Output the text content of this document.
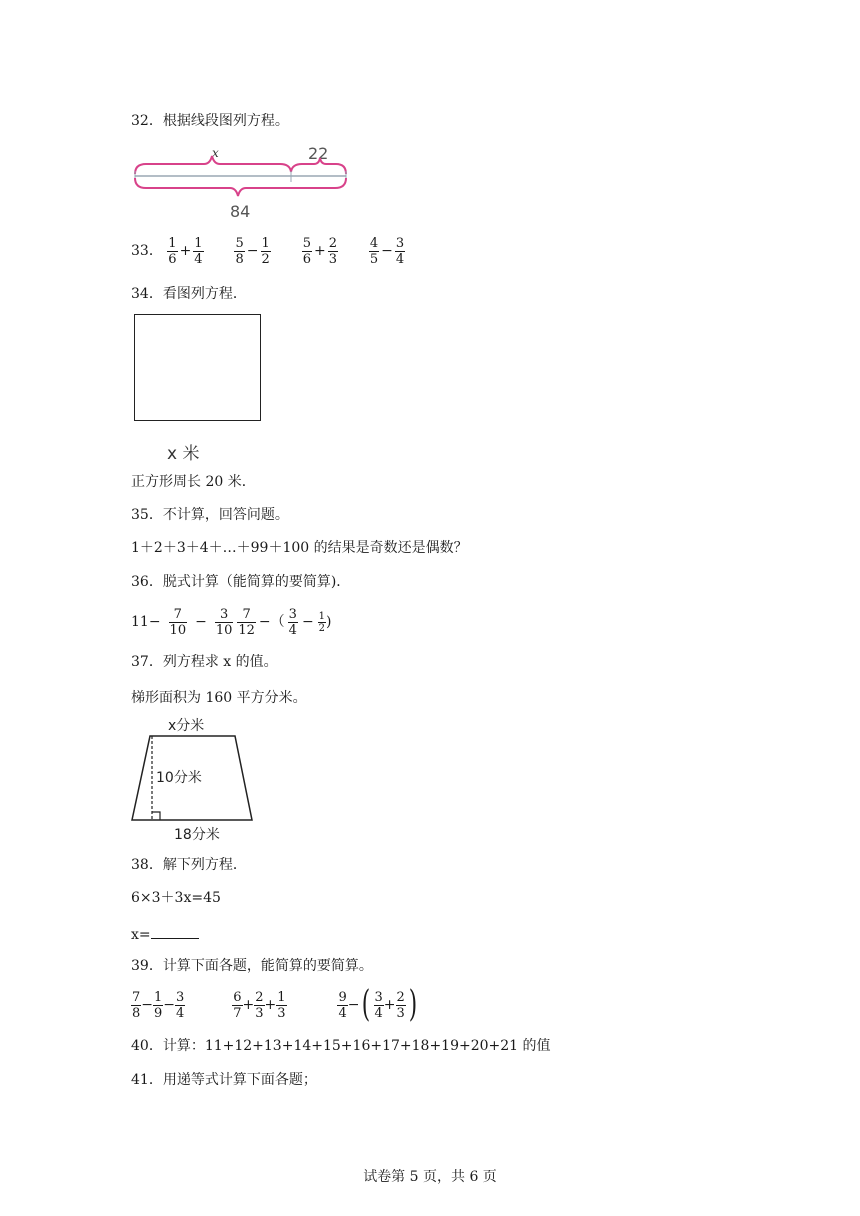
32．根据线段图列方程。
x	22
84
33． $\frac{1}{6} + \frac{1}{4}$
$\frac{5}{8} - \frac{1}{2}$
$\frac{5}{6} + \frac{2}{3}$
$\frac{4}{5} - \frac{3}{4}$
34．看图列方程．
x 米
正方形周长 20 米．
35．不计算，回答问题。
1＋2＋3＋4＋…＋99＋100 的结果是奇数还是偶数？
36．脱式计算（能简算的要简算)．
$11- \frac{7}{10} - \frac{3}{10} \frac{7}{12}$ −（ $\frac{3}{4} - \frac{1}{2}$ )
37．列方程求 x 的值。
梯形面积为 160 平方分米。
x分米
10分米
18分米
38．解下列方程．
6×3＋3x=45
x=
39．计算下面各题，能简算的要简算。
$\frac{7}{8} - \frac{1}{9} - \frac{3}{4}$
	$\frac{6}{7} + \frac{2}{3} + \frac{1}{3}$
	$\frac{9}{4}$ −( $\frac{3}{4} + \frac{2}{3}$ )
40．计算：11+12+13+14+15+16+17+18+19+20+21 的值
41．用递等式计算下面各题；
试卷第 5 页，共 6 页
